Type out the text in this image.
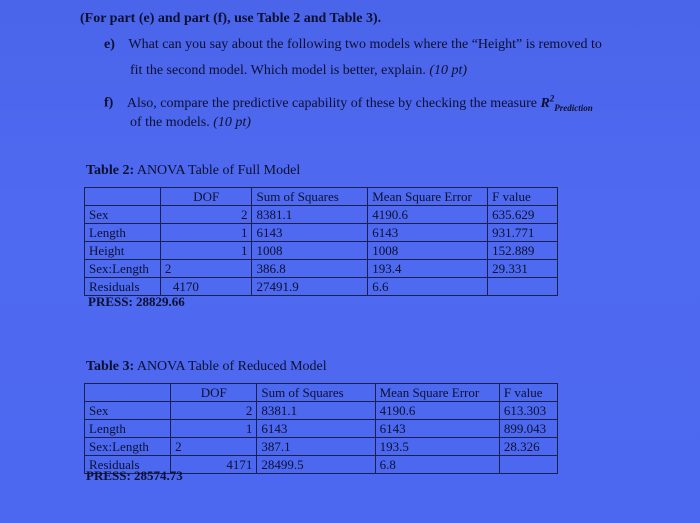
(For part (e) and part (f), use Table 2 and Table 3).
e) What can you say about the following two models where the “Height” is removed to
fit the second model. Which model is better, explain. (10 pt)
f) Also, compare the predictive capability of these by checking the measure $R^2_{Prediction}$
of the models. (10 pt)
Table 2: ANOVA Table of Full Model
	DOF	Sum of Squares	Mean Square Error	F value
Sex	2	8381.1	4190.6	635.629
Length	1	6143	6143	931.771
Height	1	1008	1008	152.889
Sex:Length	2	386.8	193.4	29.331
Residuals	4170	27491.9	6.6	
PRESS: 28829.66
Table 3: ANOVA Table of Reduced Model
	DOF	Sum of Squares	Mean Square Error	F value
Sex	2	8381.1	4190.6	613.303
Length	1	6143	6143	899.043
Sex:Length	2	387.1	193.5	28.326
Residuals	4171	28499.5	6.8	
PRESS: 28574.73
